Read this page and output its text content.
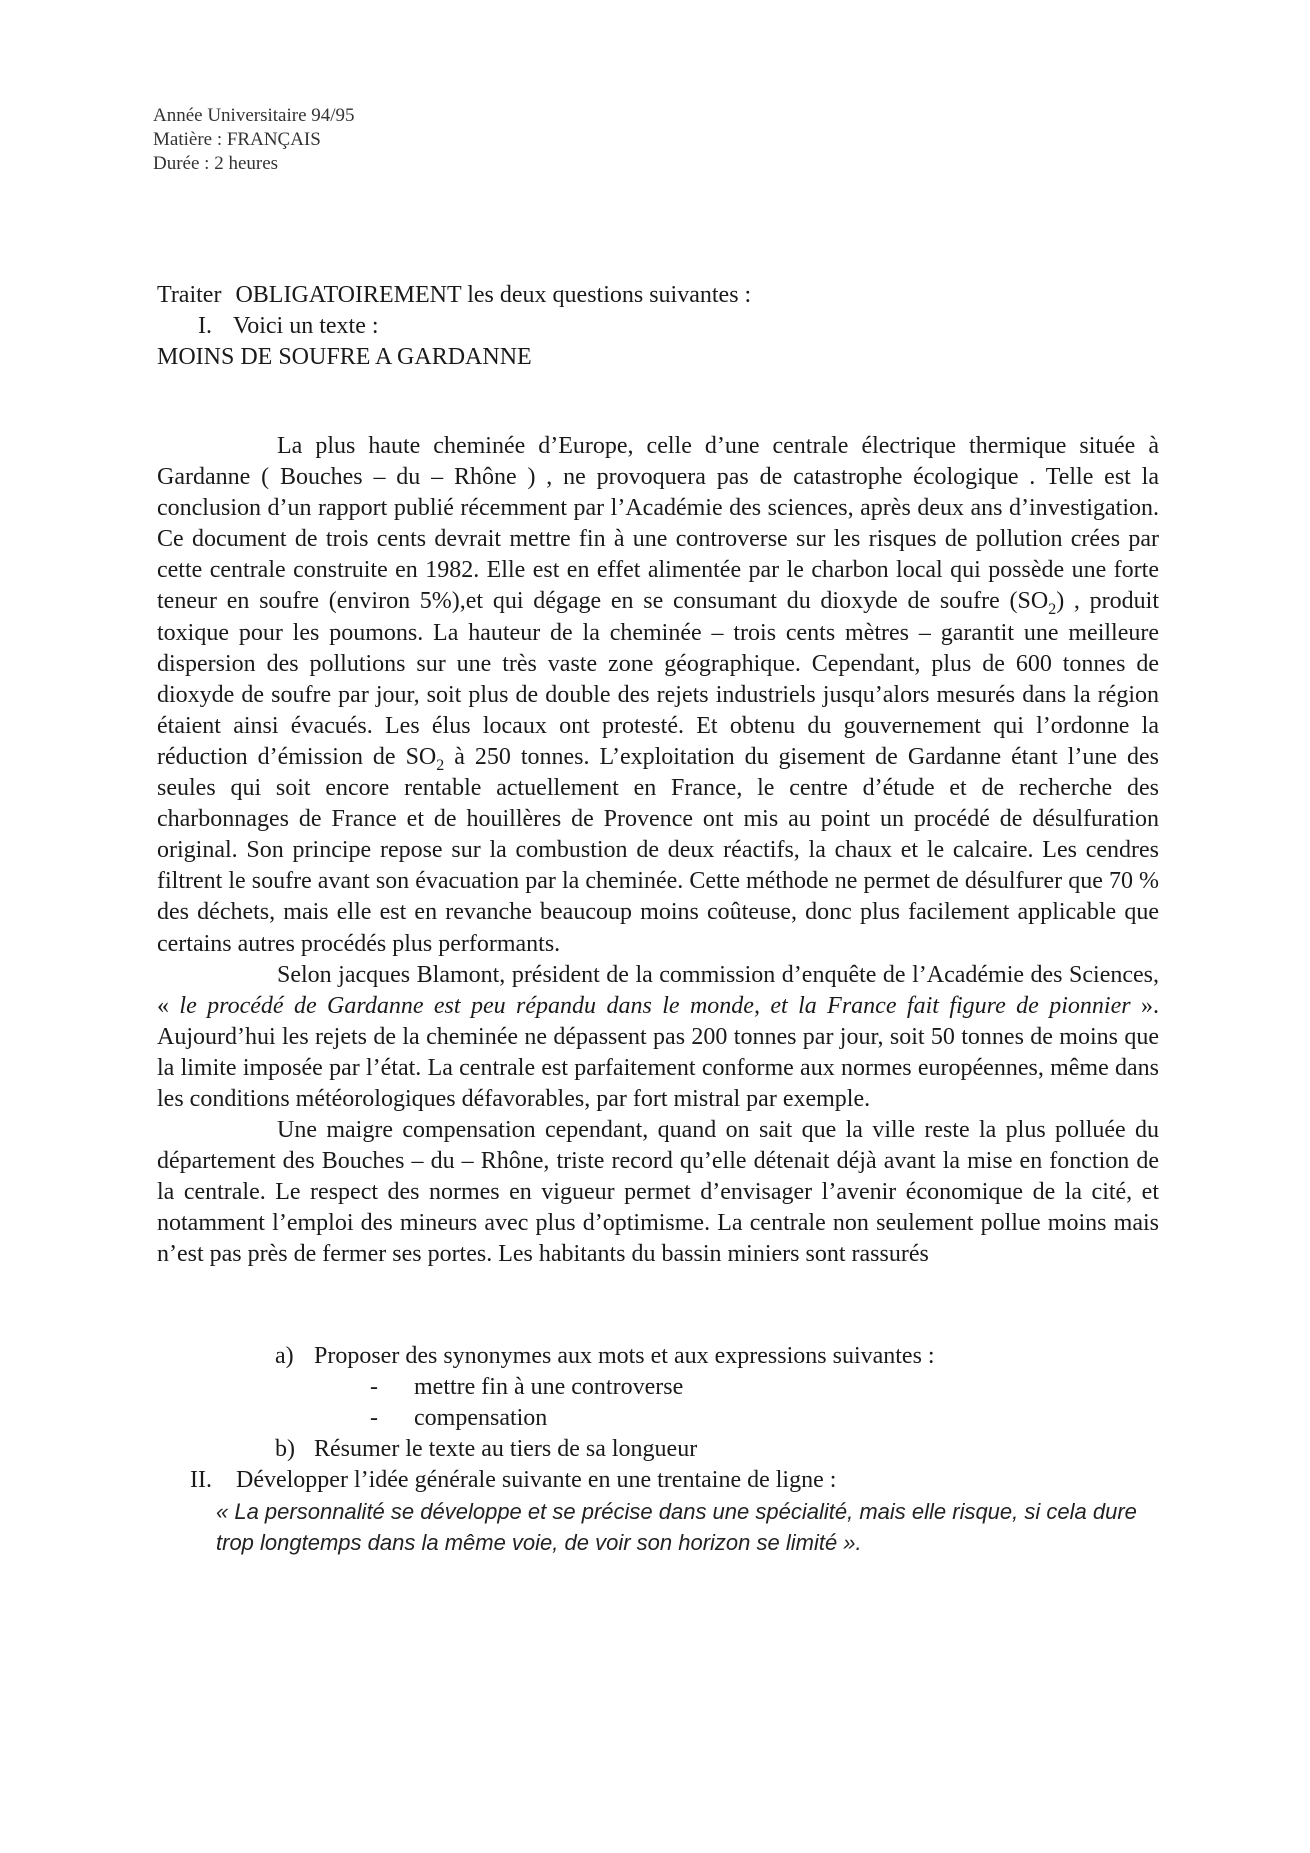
Année Universitaire 94/95
Matière : FRANÇAIS
Durée : 2 heures
Traiter OBLIGATOIREMENT les deux questions suivantes :
I. Voici un texte :
MOINS DE SOUFRE A GARDANNE

La plus haute cheminée d’Europe, celle d’une centrale électrique thermique située à Gardanne ( Bouches – du – Rhône ) , ne provoquera pas de catastrophe écologique . Telle est la conclusion d’un rapport publié récemment par l’Académie des sciences, après deux ans d’investigation. Ce document de trois cents devrait mettre fin à une controverse sur les risques de pollution crées par cette centrale construite en 1982. Elle est en effet alimentée par le charbon local qui possède une forte teneur en soufre (environ 5%),et qui dégage en se consumant du dioxyde de soufre $(SO_2)$ , produit toxique pour les poumons. La hauteur de la cheminée – trois cents mètres – garantit une meilleure dispersion des pollutions sur une très vaste zone géographique. Cependant, plus de 600 tonnes de dioxyde de soufre par jour, soit plus de double des rejets industriels jusqu’alors mesurés dans la région étaient ainsi évacués. Les élus locaux ont protesté. Et obtenu du gouvernement qui l’ordonne la réduction d’émission de $SO_2$ à 250 tonnes. L’exploitation du gisement de Gardanne étant l’une des seules qui soit encore rentable actuellement en France, le centre d’étude et de recherche des charbonnages de France et de houillères de Provence ont mis au point un procédé de désulfuration original. Son principe repose sur la combustion de deux réactifs, la chaux et le calcaire. Les cendres filtrent le soufre avant son évacuation par la cheminée. Cette méthode ne permet de désulfurer que 70 % des déchets, mais elle est en revanche beaucoup moins coûteuse, donc plus facilement applicable que certains autres procédés plus performants.

Selon jacques Blamont, président de la commission d’enquête de l’Académie des Sciences, « le procédé de Gardanne est peu répandu dans le monde, et la France fait figure de pionnier ». Aujourd’hui les rejets de la cheminée ne dépassent pas 200 tonnes par jour, soit 50 tonnes de moins que la limite imposée par l’état. La centrale est parfaitement conforme aux normes européennes, même dans les conditions météorologiques défavorables, par fort mistral par exemple.

Une maigre compensation cependant, quand on sait que la ville reste la plus polluée du département des Bouches – du – Rhône, triste record qu’elle détenait déjà avant la mise en fonction de la centrale. Le respect des normes en vigueur permet d’envisager l’avenir économique de la cité, et notamment l’emploi des mineurs avec plus d’optimisme. La centrale non seulement pollue moins mais n’est pas près de fermer ses portes. Les habitants du bassin miniers sont rassurés

a) Proposer des synonymes aux mots et aux expressions suivantes :
- mettre fin à une controverse
- compensation
b) Résumer le texte au tiers de sa longueur
II. Développer l’idée générale suivante en une trentaine de ligne :
« La personnalité se développe et se précise dans une spécialité, mais elle risque, si cela dure trop longtemps dans la même voie, de voir son horizon se limité ».
